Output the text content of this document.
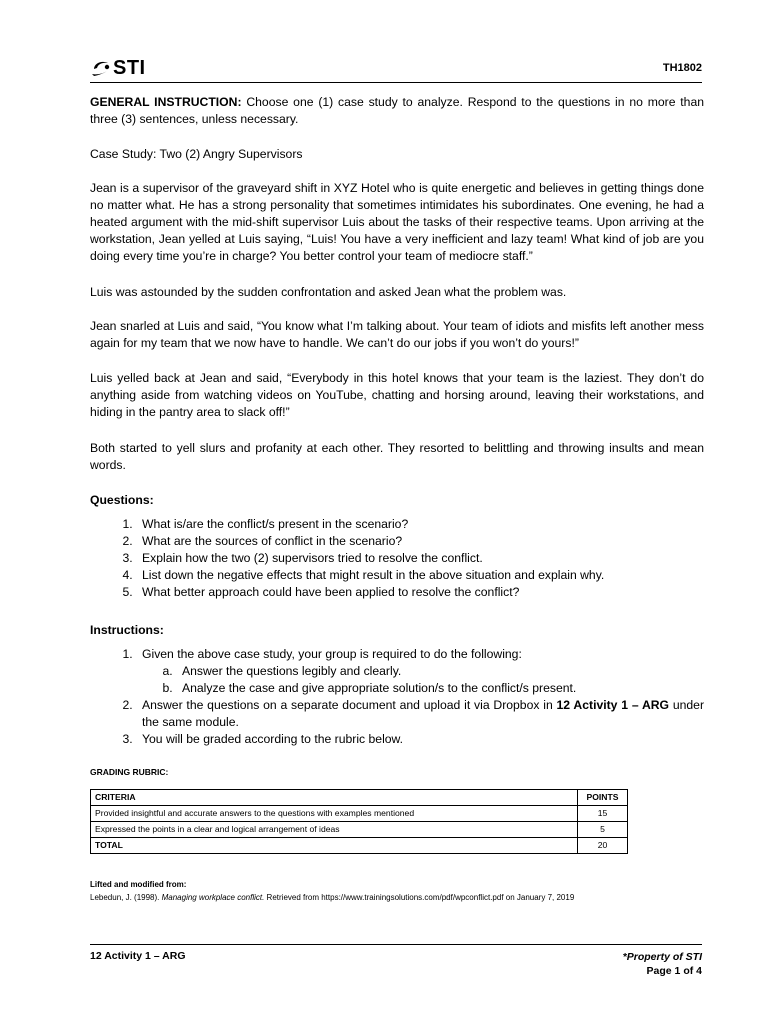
STI	TH1802

GENERAL INSTRUCTION: Choose one (1) case study to analyze. Respond to the questions in no more than three (3) sentences, unless necessary.

Case Study: Two (2) Angry Supervisors
Jean is a supervisor of the graveyard shift in XYZ Hotel who is quite energetic and believes in getting things done no matter what. He has a strong personality that sometimes intimidates his subordinates. One evening, he had a heated argument with the mid-shift supervisor Luis about the tasks of their respective teams. Upon arriving at the workstation, Jean yelled at Luis saying, “Luis! You have a very inefficient and lazy team! What kind of job are you doing every time you’re in charge? You better control your team of mediocre staff.”
Luis was astounded by the sudden confrontation and asked Jean what the problem was.
Jean snarled at Luis and said, “You know what I’m talking about. Your team of idiots and misfits left another mess again for my team that we now have to handle. We can’t do our jobs if you won’t do yours!”
Luis yelled back at Jean and said, “Everybody in this hotel knows that your team is the laziest. They don’t do anything aside from watching videos on YouTube, chatting and horsing around, leaving their workstations, and hiding in the pantry area to slack off!”
Both started to yell slurs and profanity at each other. They resorted to belittling and throwing insults and mean words.
Questions:
1. What is/are the conflict/s present in the scenario?
2. What are the sources of conflict in the scenario?
3. Explain how the two (2) supervisors tried to resolve the conflict.
4. List down the negative effects that might result in the above situation and explain why.
5. What better approach could have been applied to resolve the conflict?
Instructions:
1. Given the above case study, your group is required to do the following:
a. Answer the questions legibly and clearly.
b. Analyze the case and give appropriate solution/s to the conflict/s present.
2. Answer the questions on a separate document and upload it via Dropbox in 12 Activity 1 – ARG under the same module.
3. You will be graded according to the rubric below.
GRADING RUBRIC:
CRITERIA	POINTS
Provided insightful and accurate answers to the questions with examples mentioned	15
Expressed the points in a clear and logical arrangement of ideas	5
TOTAL	20
Lifted and modified from:
Lebedun, J. (1998). Managing workplace conflict. Retrieved from https://www.trainingsolutions.com/pdf/wpconflict.pdf on January 7, 2019
12 Activity 1 – ARG	*Property of STI
Page 1 of 4
